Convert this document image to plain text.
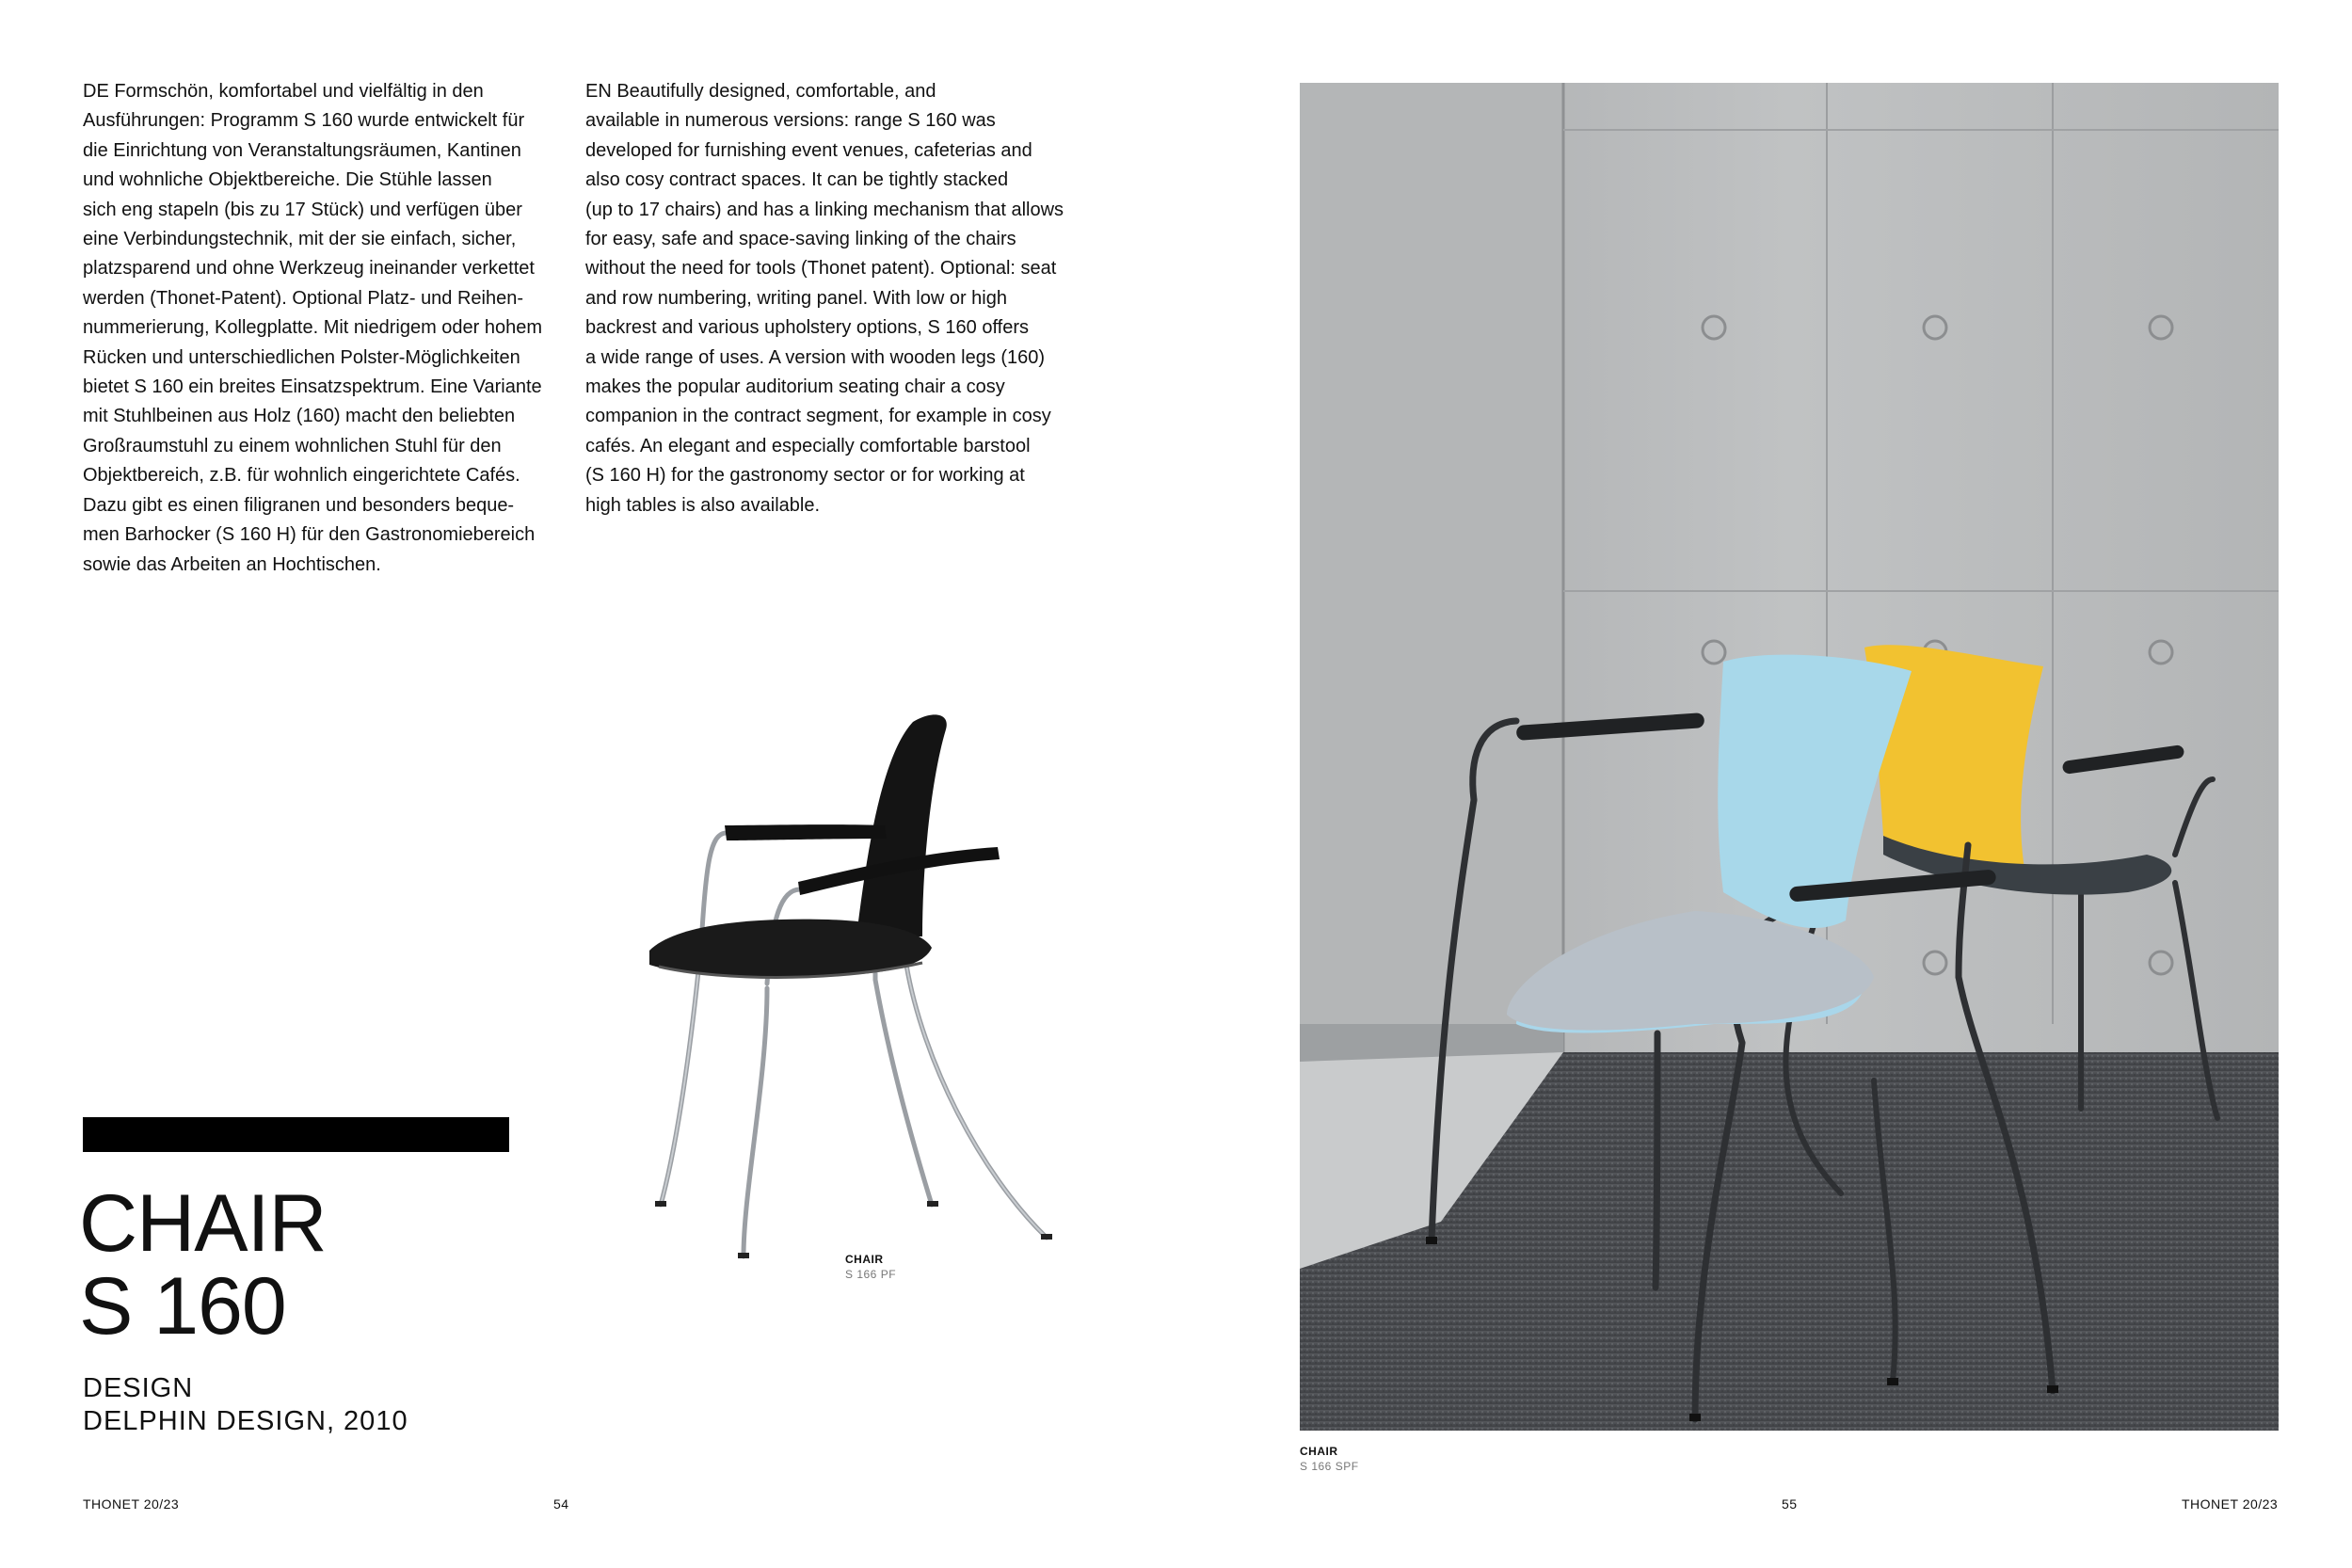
DE Formschön, komfortabel und vielfältig in den
Ausführungen: Programm S 160 wurde entwickelt für
die Einrichtung von Veranstaltungsräumen, Kantinen
und wohnliche Objektbereiche. Die Stühle lassen
sich eng stapeln (bis zu 17 Stück) und verfügen über
eine Verbindungstechnik, mit der sie einfach, sicher,
platzsparend und ohne Werkzeug ineinander verkettet
werden (Thonet-Patent). Optional Platz- und Reihen-
nummerierung, Kollegplatte. Mit niedrigem oder hohem
Rücken und unterschiedlichen Polster-Möglichkeiten
bietet S 160 ein breites Einsatzspektrum. Eine Variante
mit Stuhlbeinen aus Holz (160) macht den beliebten
Großraumstuhl zu einem wohnlichen Stuhl für den
Objektbereich, z.B. für wohnlich eingerichtete Cafés.
Dazu gibt es einen filigranen und besonders beque-
men Barhocker (S 160 H) für den Gastronomiebereich
sowie das Arbeiten an Hochtischen.
EN Beautifully designed, comfortable, and
available in numerous versions: range S 160 was
developed for furnishing event venues, cafeterias and
also cosy contract spaces. It can be tightly stacked
(up to 17 chairs) and has a linking mechanism that allows
for easy, safe and space-saving linking of the chairs
without the need for tools (Thonet patent). Optional: seat
and row numbering, writing panel. With low or high
backrest and various upholstery options, S 160 offers
a wide range of uses. A version with wooden legs (160)
makes the popular auditorium seating chair a cosy
companion in the contract segment, for example in cosy
cafés. An elegant and especially comfortable barstool
(S 160 H) for the gastronomy sector or for working at
high tables is also available.
CHAIR
S 166 PF
CHAIR
S 160
DESIGN
DELPHIN DESIGN, 2010
THONET 20/23	54
CHAIR
S 166 SPF
55	THONET 20/23
